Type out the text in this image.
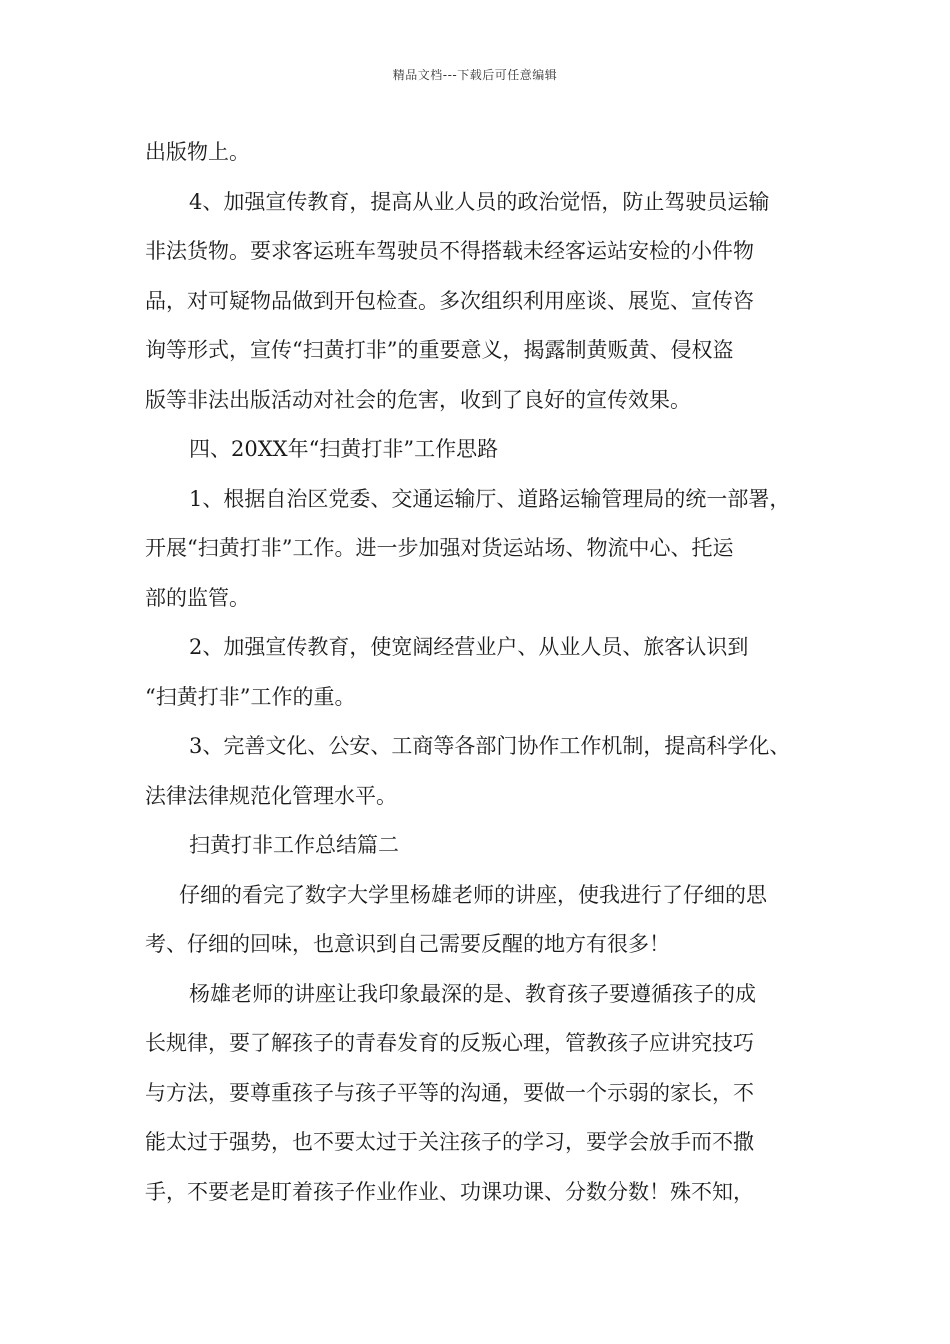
精品文档---下载后可任意编辑
出版物上。
4、加强宣传教育，提高从业人员的政治觉悟，防止驾驶员运输
非法货物。要求客运班车驾驶员不得搭载未经客运站安检的小件物
品，对可疑物品做到开包检查。多次组织利用座谈、展览、宣传咨
询等形式，宣传“扫黄打非”的重要意义，揭露制黄贩黄、侵权盗
版等非法出版活动对社会的危害，收到了良好的宣传效果。
四、20XX年“扫黄打非”工作思路
1、根据自治区党委、交通运输厅、道路运输管理局的统一部署，
开展“扫黄打非”工作。进一步加强对货运站场、物流中心、托运
部的监管。
2、加强宣传教育，使宽阔经营业户、从业人员、旅客认识到
“扫黄打非”工作的重。
3、完善文化、公安、工商等各部门协作工作机制，提高科学化、
法律法律规范化管理水平。
扫黄打非工作总结篇二
仔细的看完了数字大学里杨雄老师的讲座，使我进行了仔细的思
考、仔细的回味，也意识到自己需要反醒的地方有很多！
杨雄老师的讲座让我印象最深的是、教育孩子要遵循孩子的成
长规律，要了解孩子的青春发育的反叛心理，管教孩子应讲究技巧
与方法，要尊重孩子与孩子平等的沟通，要做一个示弱的家长，不
能太过于强势，也不要太过于关注孩子的学习，要学会放手而不撒
手，不要老是盯着孩子作业作业、功课功课、分数分数！殊不知，
